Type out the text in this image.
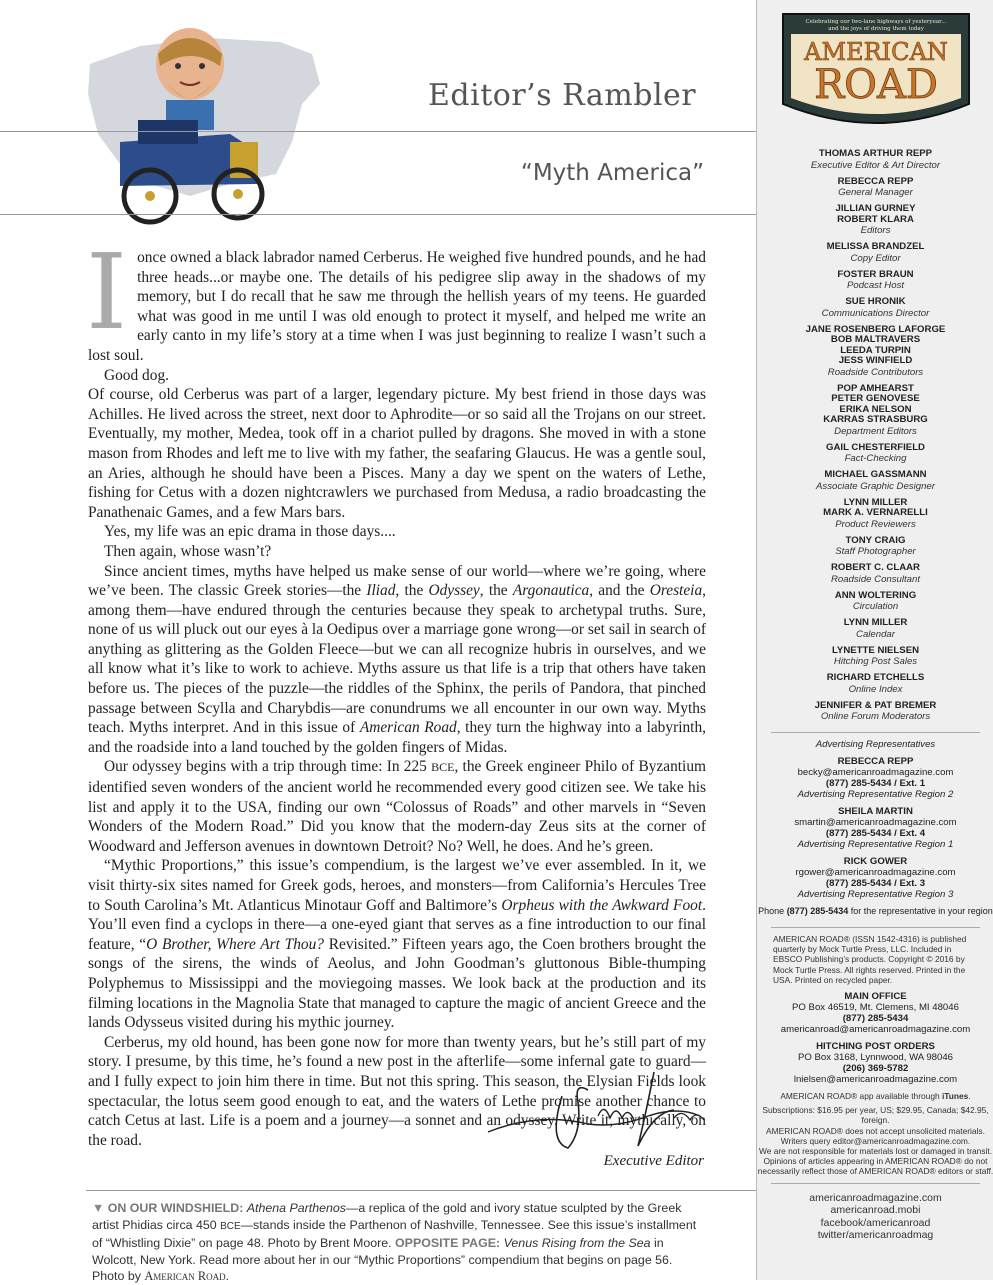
Editor’s Rambler
“Myth America”

Ionce owned a black labrador named Cerberus. He weighed five hundred pounds, and he had three heads...or maybe one. The details of his pedigree slip away in the shadows of my memory, but I do recall that he saw me through the hellish years of my teens. He guarded what was good in me until I was old enough to protect it myself, and helped me write an early canto in my life’s story at a time when I was just beginning to realize I wasn’t such a lost soul.

Good dog.

Of course, old Cerberus was part of a larger, legendary picture. My best friend in those days was Achilles. He lived across the street, next door to Aphrodite—or so said all the Trojans on our street. Eventually, my mother, Medea, took off in a chariot pulled by dragons. She moved in with a stone mason from Rhodes and left me to live with my father, the seafaring Glaucus. He was a gentle soul, an Aries, although he should have been a Pisces. Many a day we spent on the waters of Lethe, fishing for Cetus with a dozen nightcrawlers we purchased from Medusa, a radio broadcasting the Panathenaic Games, and a few Mars bars.

Yes, my life was an epic drama in those days....

Then again, whose wasn’t?

Since ancient times, myths have helped us make sense of our world—where we’re going, where we’ve been. The classic Greek stories—the Iliad, the Odyssey, the Argonautica, and the Oresteia, among them—have endured through the centuries because they speak to archetypal truths. Sure, none of us will pluck out our eyes à la Oedipus over a marriage gone wrong—or set sail in search of anything as glittering as the Golden Fleece—but we can all recognize hubris in ourselves, and we all know what it’s like to work to achieve. Myths assure us that life is a trip that others have taken before us. The pieces of the puzzle—the riddles of the Sphinx, the perils of Pandora, that pinched passage between Scylla and Charybdis—are conundrums we all encounter in our own way. Myths teach. Myths interpret. And in this issue of American Road, they turn the highway into a labyrinth, and the roadside into a land touched by the golden fingers of Midas.

Our odyssey begins with a trip through time: In 225 BCE, the Greek engineer Philo of Byzantium identified seven wonders of the ancient world he recommended every good citizen see. We take his list and apply it to the USA, finding our own “Colossus of Roads” and other marvels in “Seven Wonders of the Modern Road.” Did you know that the modern-day Zeus sits at the corner of Woodward and Jefferson avenues in downtown Detroit? No? Well, he does. And he’s green.

“Mythic Proportions,” this issue’s compendium, is the largest we’ve ever assembled. In it, we visit thirty-six sites named for Greek gods, heroes, and monsters—from California’s Hercules Tree to South Carolina’s Mt. Atlanticus Minotaur Goff and Baltimore’s Orpheus with the Awkward Foot. You’ll even find a cyclops in there—a one-eyed giant that serves as a fine introduction to our final feature, “O Brother, Where Art Thou? Revisited.” Fifteen years ago, the Coen brothers brought the songs of the sirens, the winds of Aeolus, and John Goodman’s gluttonous Bible-thumping Polyphemus to Mississippi and the moviegoing masses. We look back at the production and its filming locations in the Magnolia State that managed to capture the magic of ancient Greece and the lands Odysseus visited during his mythic journey.

Cerberus, my old hound, has been gone now for more than twenty years, but he’s still part of my story. I presume, by this time, he’s found a new post in the afterlife—some infernal gate to guard—and I fully expect to join him there in time. But not this spring. This season, the Elysian Fields look spectacular, the lotus seem good enough to eat, and the waters of Lethe promise another chance to catch Cetus at last. Life is a poem and a journey—a sonnet and an odyssey. Write it, mythically, on the road.

Executive Editor
▼ ON OUR WINDSHIELD: Athena Parthenos—a replica of the gold and ivory statue sculpted by the Greek artist Phidias circa 450 BCE—stands inside the Parthenon of Nashville, Tennessee. See this issue’s installment of “Whistling Dixie” on page 48. Photo by Brent Moore. OPPOSITE PAGE: Venus Rising from the Sea in Wolcott, New York. Read more about her in our “Mythic Proportions” compendium that begins on page 56. Photo by American Road.
Celebrating our two-lane highways of yesteryear...
and the joys of driving them today
AMERICAN
ROAD
THOMAS ARTHUR REPP
Executive Editor & Art Director
REBECCA REPP
General Manager
JILLIAN GURNEY
ROBERT KLARA
Editors
MELISSA BRANDZEL
Copy Editor
FOSTER BRAUN
Podcast Host
SUE HRONIK
Communications Director
JANE ROSENBERG LAFORGE
BOB MALTRAVERS
LEEDA TURPIN
JESS WINFIELD
Roadside Contributors
POP AMHEARST
PETER GENOVESE
ERIKA NELSON
KARRAS STRASBURG
Department Editors
GAIL CHESTERFIELD
Fact-Checking
MICHAEL GASSMANN
Associate Graphic Designer
LYNN MILLER
MARK A. VERNARELLI
Product Reviewers
TONY CRAIG
Staff Photographer
ROBERT C. CLAAR
Roadside Consultant
ANN WOLTERING
Circulation
LYNN MILLER
Calendar
LYNETTE NIELSEN
Hitching Post Sales
RICHARD ETCHELLS
Online Index
JENNIFER & PAT BREMER
Online Forum Moderators
Advertising Representatives
REBECCA REPP
becky@americanroadmagazine.com
(877) 285-5434 / Ext. 1
Advertising Representative Region 2
SHEILA MARTIN
smartin@americanroadmagazine.com
(877) 285-5434 / Ext. 4
Advertising Representative Region 1
RICK GOWER
rgower@americanroadmagazine.com
(877) 285-5434 / Ext. 3
Advertising Representative Region 3
Phone (877) 285-5434 for the representative in your region
AMERICAN ROAD® (ISSN 1542-4316) is published quarterly by Mock Turtle Press, LLC. Included in EBSCO Publishing’s products. Copyright © 2016 by Mock Turtle Press. All rights reserved. Printed in the USA. Printed on recycled paper.
MAIN OFFICE
PO Box 46519, Mt. Clemens, MI 48046
(877) 285-5434
americanroad@americanroadmagazine.com
HITCHING POST ORDERS
PO Box 3168, Lynnwood, WA 98046
(206) 369-5782
lnielsen@americanroadmagazine.com
AMERICAN ROAD® app available through iTunes.
Subscriptions: $16.95 per year, US; $29.95, Canada; $42.95, foreign.
AMERICAN ROAD® does not accept unsolicited materials.
Writers query editor@americanroadmagazine.com.
We are not responsible for materials lost or damaged in transit.
Opinions of articles appearing in AMERICAN ROAD® do not
necessarily reflect those of AMERICAN ROAD® editors or staff.
americanroadmagazine.com
americanroad.mobi
facebook/americanroad
twitter/americanroadmag
